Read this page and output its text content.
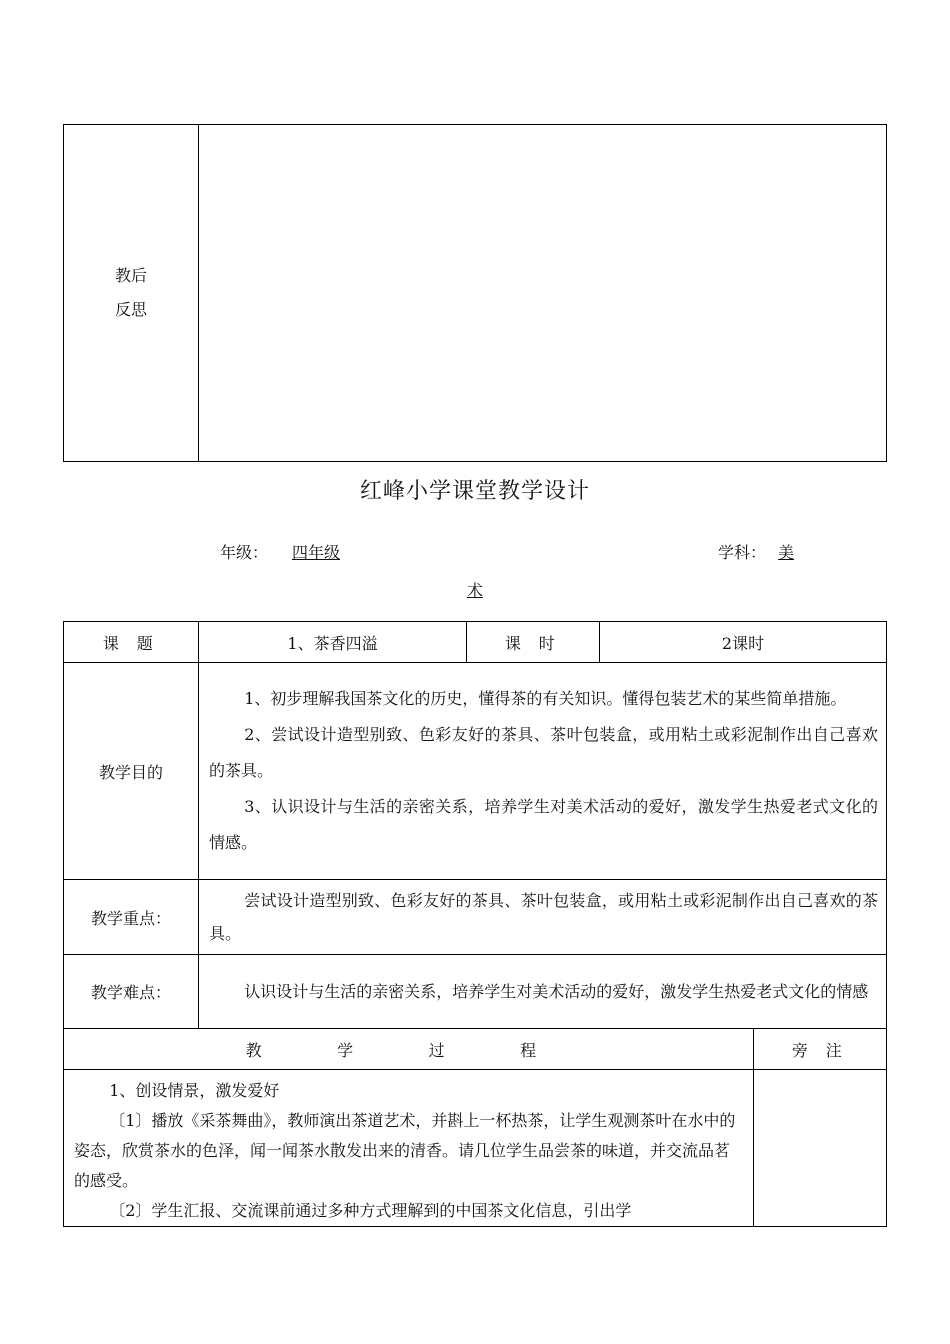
教后
反思

红峰小学课堂教学设计
年级： 四年级	学科： 美
术
课 题	1、茶香四溢	课 时	2课时	
教学目的	1、初步理解我国茶文化的历史，懂得茶的有关知识。懂得包装艺术的某些简单措施。

2、尝试设计造型别致、色彩友好的茶具、茶叶包装盒，或用粘土或彩泥制作出自己喜欢的茶具。

3、认识设计与生活的亲密关系，培养学生对美术活动的爱好，激发学生热爱老式文化的情感。			

教学重点：	尝试设计造型别致、色彩友好的茶具、茶叶包装盒，或用粘土或彩泥制作出自己喜欢的茶具。			

教学难点：	认识设计与生活的亲密关系，培养学生对美术活动的爱好，激发学生热爱老式文化的情感			

教 学 过 程				旁 注

1、创设情景，激发爱好

〔1〕播放《采茶舞曲》，教师演出茶道艺术，并斟上一杯热茶，让学生观测茶叶在水中的姿态，欣赏茶水的色泽，闻一闻茶水散发出来的清香。请几位学生品尝茶的味道，并交流品茗的感受。

〔2〕学生汇报、交流课前通过多种方式理解到的中国茶文化信息，引出学				
